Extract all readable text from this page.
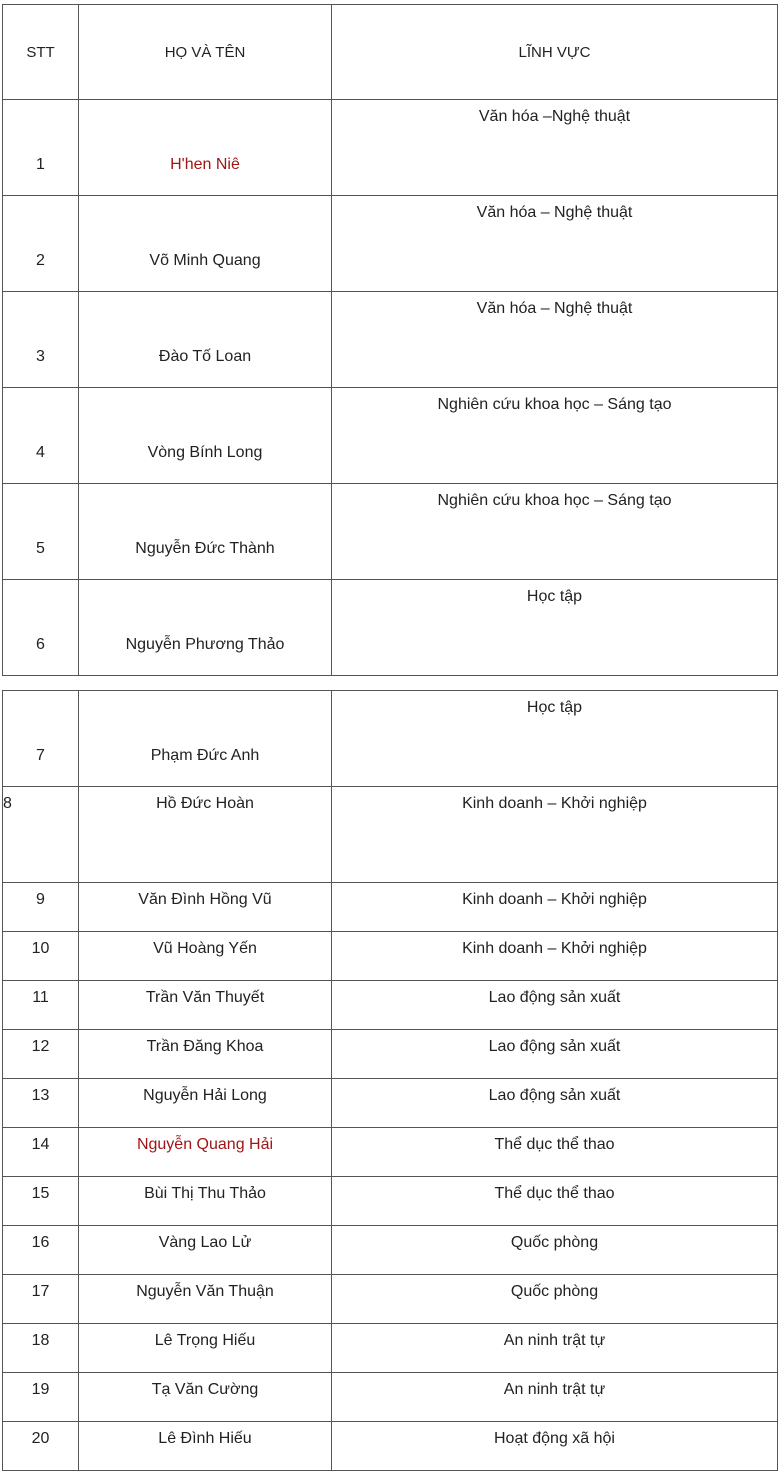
STT	HỌ VÀ TÊN	LĨNH VỰC
1	H'hen Niê	Văn hóa –Nghệ thuật
2	Võ Minh Quang	Văn hóa – Nghệ thuật
3	Đào Tố Loan	Văn hóa – Nghệ thuật
4	Vòng Bính Long	Nghiên cứu khoa học – Sáng tạo
5	Nguyễn Đức Thành	Nghiên cứu khoa học – Sáng tạo
6	Nguyễn Phương Thảo	Học tập
7	Phạm Đức Anh	Học tập
8	Hồ Đức Hoàn	Kinh doanh – Khởi nghiệp
9	Văn Đình Hồng Vũ	Kinh doanh – Khởi nghiệp
10	Vũ Hoàng Yến	Kinh doanh – Khởi nghiệp
11	Trần Văn Thuyết	Lao động sản xuất
12	Trần Đăng Khoa	Lao động sản xuất
13	Nguyễn Hải Long	Lao động sản xuất
14	Nguyễn Quang Hải	Thể dục thể thao
15	Bùi Thị Thu Thảo	Thể dục thể thao
16	Vàng Lao Lử	Quốc phòng
17	Nguyễn Văn Thuận	Quốc phòng
18	Lê Trọng Hiếu	An ninh trật tự
19	Tạ Văn Cường	An ninh trật tự
20	Lê Đình Hiếu	Hoạt động xã hội
